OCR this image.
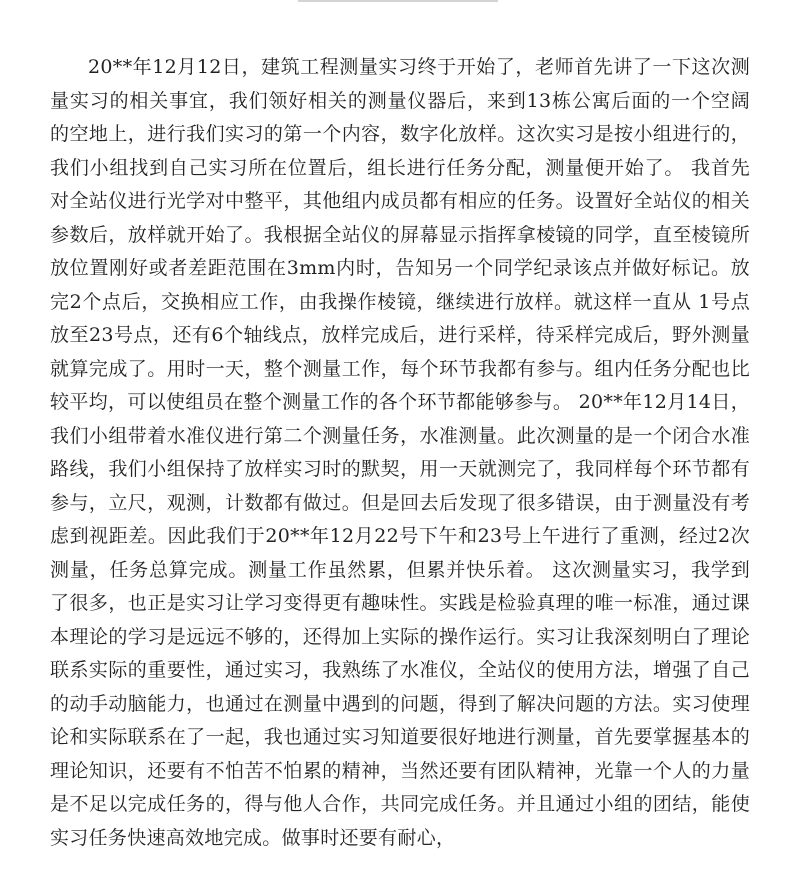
20**年12月12日，建筑工程测量实习终于开始了，老师首先讲了一下这次测量实习的相关事宜，我们领好相关的测量仪器后，来到13栋公寓后面的一个空阔的空地上，进行我们实习的第一个内容，数字化放样。这次实习是按小组进行的，我们小组找到自己实习所在位置后，组长进行任务分配，测量便开始了。 我首先对全站仪进行光学对中整平，其他组内成员都有相应的任务。设置好全站仪的相关参数后，放样就开始了。我根据全站仪的屏幕显示指挥拿棱镜的同学，直至棱镜所放位置刚好或者差距范围在3mm内时，告知另一个同学纪录该点并做好标记。放完2个点后，交换相应工作，由我操作棱镜，继续进行放样。就这样一直从 1号点放至23号点，还有6个轴线点，放样完成后，进行采样，待采样完成后，野外测量就算完成了。用时一天，整个测量工作，每个环节我都有参与。组内任务分配也比较平均，可以使组员在整个测量工作的各个环节都能够参与。 20**年12月14日，我们小组带着水准仪进行第二个测量任务，水准测量。此次测量的是一个闭合水准路线，我们小组保持了放样实习时的默契，用一天就测完了，我同样每个环节都有参与，立尺，观测，计数都有做过。但是回去后发现了很多错误，由于测量没有考虑到视距差。因此我们于20**年12月22号下午和23号上午进行了重测，经过2次测量，任务总算完成。测量工作虽然累，但累并快乐着。 这次测量实习，我学到了很多，也正是实习让学习变得更有趣味性。实践是检验真理的唯一标准，通过课本理论的学习是远远不够的，还得加上实际的操作运行。实习让我深刻明白了理论联系实际的重要性，通过实习，我熟练了水准仪，全站仪的使用方法，增强了自己的动手动脑能力，也通过在测量中遇到的问题，得到了解决问题的方法。实习使理论和实际联系在了一起，我也通过实习知道要很好地进行测量，首先要掌握基本的理论知识，还要有不怕苦不怕累的精神，当然还要有团队精神，光靠一个人的力量是不足以完成任务的，得与他人合作，共同完成任务。并且通过小组的团结，能使实习任务快速高效地完成。做事时还要有耐心，
